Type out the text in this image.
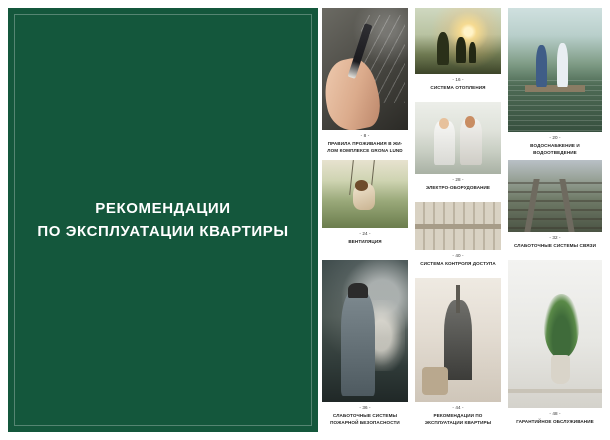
РЕКОМЕНДАЦИИ
ПО ЭКСПЛУАТАЦИИ КВАРТИРЫ
- 8 -
ПРАВИЛА ПРОЖИВАНИЯ В ЖИ-ЛОМ КОМПЛЕКСЕ GRONA LUND
- 16 -
СИСТЕМА ОТОПЛЕНИЯ
- 20 -
ВОДОСНАБЖЕНИЕ И ВОДООТВЕДЕНИЕ
- 24 -
ВЕНТИЛЯЦИЯ
- 28 -
ЭЛЕКТРО-ОБОРУДОВАНИЕ
- 32 -
СЛАБОТОЧНЫЕ СИСТЕМЫ СВЯЗИ
- 36 -
СЛАБОТОЧНЫЕ СИСТЕМЫ ПОЖАРНОЙ БЕЗОПАСНОСТИ
- 40 -
СИСТЕМА КОНТРОЛЯ ДОСТУПА
- 44 -
РЕКОМЕНДАЦИИ ПО ЭКСПЛУАТАЦИИ КВАРТИРЫ
- 48 -
ГАРАНТИЙНОЕ ОБСЛУЖИВАНИЕ
